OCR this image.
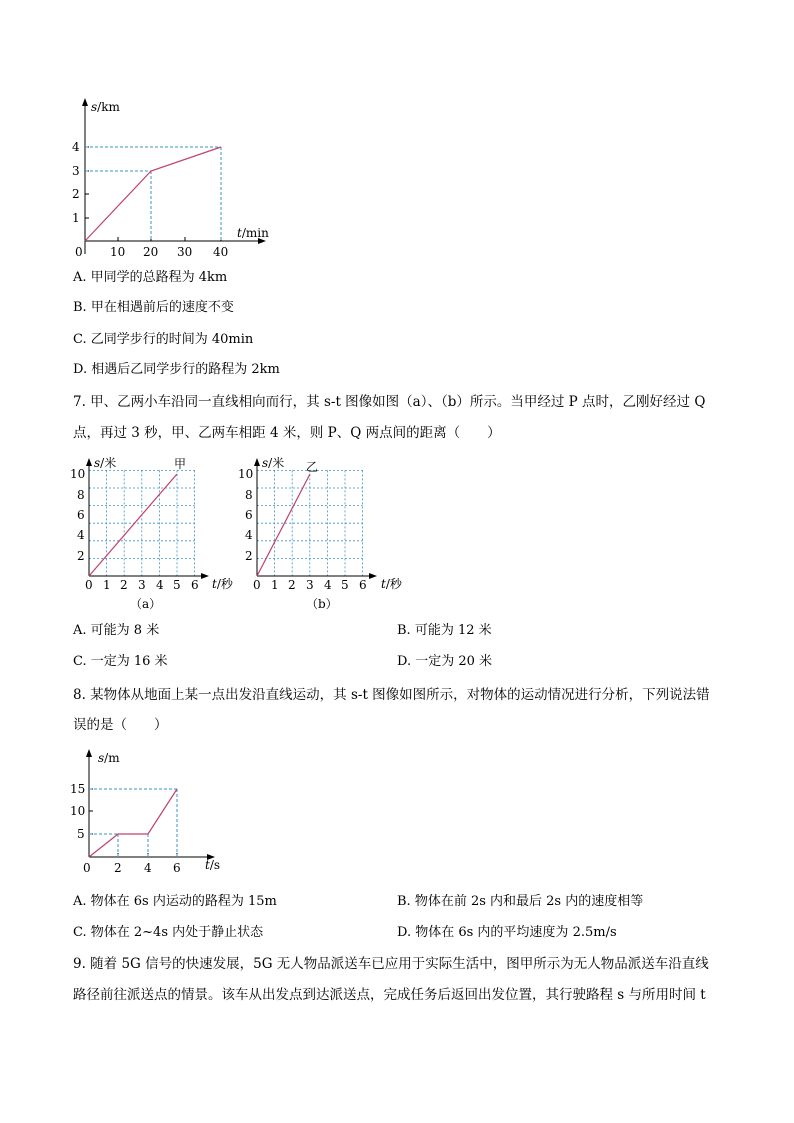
s/km
t/min
4
3
2
1
0 10 20 30 40
A. 甲同学的总路程为 4km
B. 甲在相遇前后的速度不变
C. 乙同学步行的时间为 40min
D. 相遇后乙同学步行的路程为 2km
7. 甲、乙两小车沿同一直线相向而行，其 s-t 图像如图（a）、（b）所示。当甲经过 P 点时，乙刚好经过 Q
点，再过 3 秒，甲、乙两车相距 4 米，则 P、Q 两点间的距离（　　）
s/米	甲
t/秒
10
8
6
4
2
0 1 2 3 4 5 6
（a）
s/米 乙
t/秒
10
8
6
4
2
0 1 2 3 4 5 6
（b）
A. 可能为 8 米	B. 可能为 12 米
C. 一定为 16 米	D. 一定为 20 米
8. 某物体从地面上某一点出发沿直线运动，其 s-t 图像如图所示，对物体的运动情况进行分析，下列说法错
误的是（　　）
s/m
t/s
15
10
5
0 2 4 6
A. 物体在 6s 内运动的路程为 15m	B. 物体在前 2s 内和最后 2s 内的速度相等
C. 物体在 2~4s 内处于静止状态	D. 物体在 6s 内的平均速度为 2.5m/s
9. 随着 5G 信号的快速发展，5G 无人物品派送车已应用于实际生活中，图甲所示为无人物品派送车沿直线
路径前往派送点的情景。该车从出发点到达派送点，完成任务后返回出发位置，其行驶路程 s 与所用时间 t
